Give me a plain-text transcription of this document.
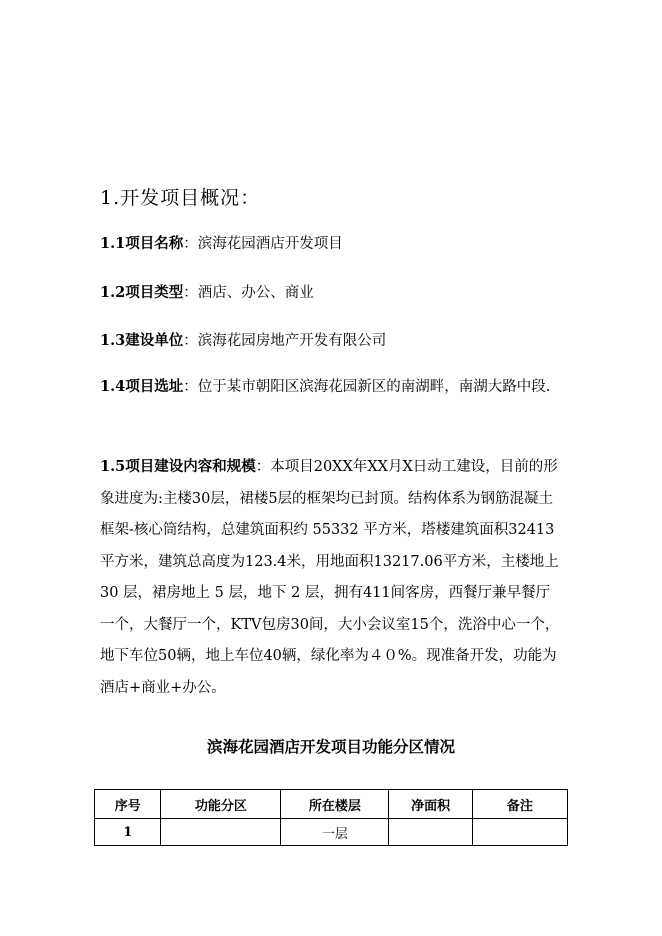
1.开发项目概况：
1.1项目名称：滨海花园酒店开发项目
1.2项目类型：酒店、办公、商业
1.3建设单位：滨海花园房地产开发有限公司
1.4项目选址：位于某市朝阳区滨海花园新区的南湖畔，南湖大路中段.
1.5项目建设内容和规模：本项目20XX年XX月X日动工建设，目前的形象进度为:主楼30层，裙楼5层的框架均已封顶。结构体系为钢筋混凝土框架-核心筒结构，总建筑面积约 55332 平方米，塔楼建筑面积32413平方米，建筑总高度为123.4米，用地面积13217.06平方米，主楼地上 30 层，裙房地上 5 层，地下 2 层，拥有411间客房，西餐厅兼早餐厅一个，大餐厅一个，KTV包房30间，大小会议室15个，洗浴中心一个，地下车位50辆，地上车位40辆，绿化率为４０%。现准备开发，功能为酒店+商业+办公。
滨海花园酒店开发项目功能分区情况
序号	功能分区	所在楼层	净面积	备注
1		一层		
